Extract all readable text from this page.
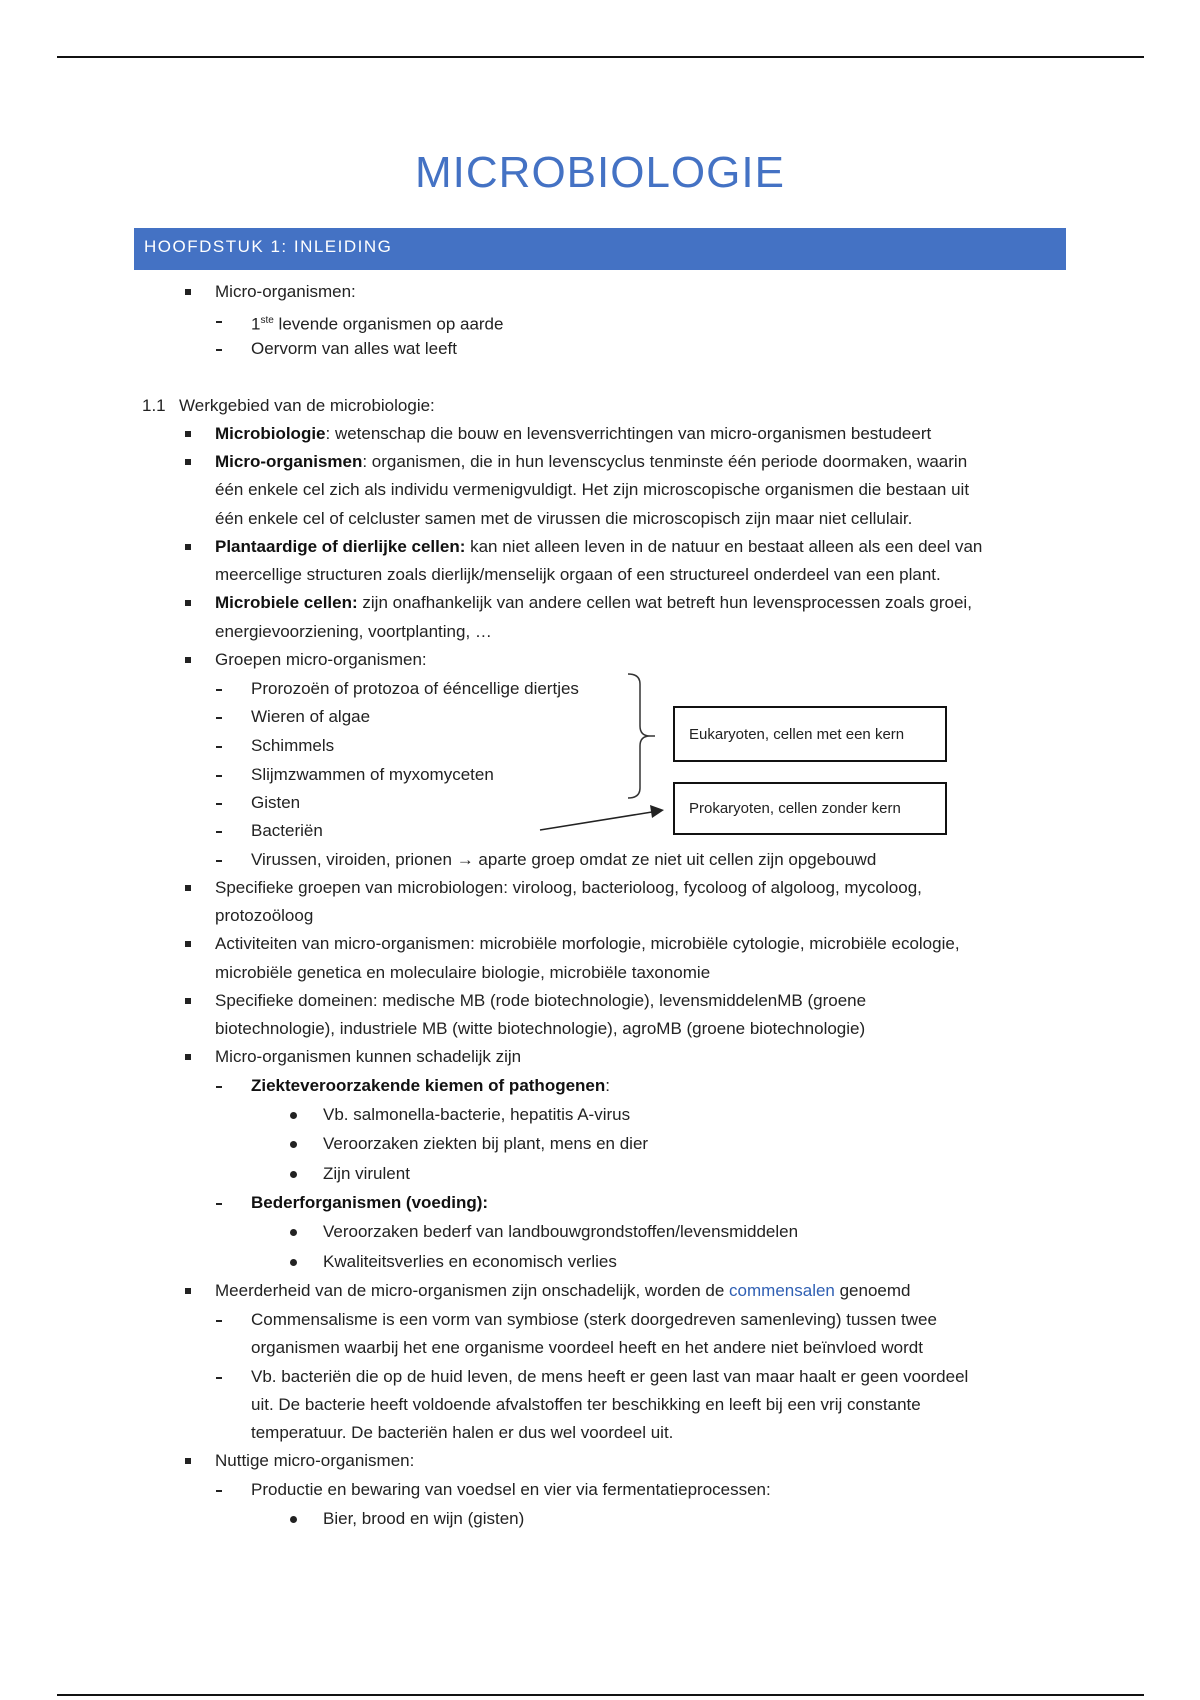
MICROBIOLOGIE
HOOFDSTUK 1: INLEIDING
Micro-organismen:
1ste levende organismen op aarde
Oervorm van alles wat leeft
1.1 Werkgebied van de microbiologie:
Microbiologie: wetenschap die bouw en levensverrichtingen van micro-organismen bestudeert
Micro-organismen: organismen, die in hun levenscyclus tenminste één periode doormaken, waarin
één enkele cel zich als individu vermenigvuldigt. Het zijn microscopische organismen die bestaan uit
één enkele cel of celcluster samen met de virussen die microscopisch zijn maar niet cellulair.
Plantaardige of dierlijke cellen: kan niet alleen leven in de natuur en bestaat alleen als een deel van
meercellige structuren zoals dierlijk/menselijk orgaan of een structureel onderdeel van een plant.
Microbiele cellen: zijn onafhankelijk van andere cellen wat betreft hun levensprocessen zoals groei,
energievoorziening, voortplanting, …
Groepen micro-organismen:
Prorozoën of protozoa of ééncellige diertjes
Wieren of algae
Schimmels
Slijmzwammen of myxomyceten
Gisten
Bacteriën
Virussen, viroiden, prionen → aparte groep omdat ze niet uit cellen zijn opgebouwd
Eukaryoten, cellen met een kern
Prokaryoten, cellen zonder kern
Specifieke groepen van microbiologen: viroloog, bacterioloog, fycoloog of algoloog, mycoloog,
protozoöloog
Activiteiten van micro-organismen: microbiële morfologie, microbiële cytologie, microbiële ecologie,
microbiële genetica en moleculaire biologie, microbiële taxonomie
Specifieke domeinen: medische MB (rode biotechnologie), levensmiddelenMB (groene
biotechnologie), industriele MB (witte biotechnologie), agroMB (groene biotechnologie)
Micro-organismen kunnen schadelijk zijn
Ziekteveroorzakende kiemen of pathogenen:
Vb. salmonella-bacterie, hepatitis A-virus
Veroorzaken ziekten bij plant, mens en dier
Zijn virulent
Bederforganismen (voeding):
Veroorzaken bederf van landbouwgrondstoffen/levensmiddelen
Kwaliteitsverlies en economisch verlies
Meerderheid van de micro-organismen zijn onschadelijk, worden de commensalen genoemd
Commensalisme is een vorm van symbiose (sterk doorgedreven samenleving) tussen twee
organismen waarbij het ene organisme voordeel heeft en het andere niet beïnvloed wordt
Vb. bacteriën die op de huid leven, de mens heeft er geen last van maar haalt er geen voordeel
uit. De bacterie heeft voldoende afvalstoffen ter beschikking en leeft bij een vrij constante
temperatuur. De bacteriën halen er dus wel voordeel uit.
Nuttige micro-organismen:
Productie en bewaring van voedsel en vier via fermentatieprocessen:
Bier, brood en wijn (gisten)
